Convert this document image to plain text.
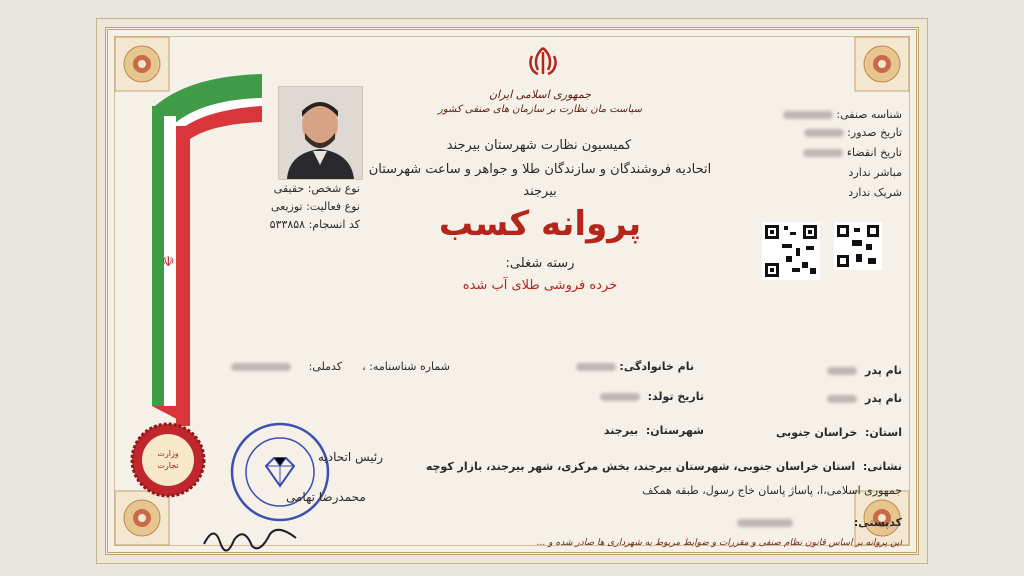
☫
وزارت
تجارت
جمهوری اسلامی ایران
سیاست مان نظارت بر سازمان های صنفی کشور
کمیسیون نظارت شهرستان بیرجند
اتحادیه فروشندگان و سازندگان طلا و جواهر و ساعت شهرستان
بیرجند
پروانه کسب
رسته شغلی:
خرده فروشی طلای آب شده
نوع شخص: حقیقی
نوع فعالیت: توزیعی
کد انسجام: ۵۳۳۸۵۸
شناسه صنفی:
تاریخ صدور:
تاریخ انقضاء
مباشر ندارد
شریک ندارد
نام پدر
نام خانوادگی:
شماره شناسنامه: ،
کدملی:
نام پدر
تاریخ تولد:
استان:  خراسان جنوبی
شهرستان:  بیرجند
نشانی:  استان خراسان جنوبی، شهرستان بیرجند، بخش مرکزی، شهر بیرجند، بازار کوچه
جمهوری اسلامی،ا، پاساژ پاسان خاج رسول، طبقه همکف
کدپستی:
این پروانه بر اساس قانون نظام صنفی و مقررات و ضوابط مربوط به شهرداری ها صادر شده و ...
رئیس اتحادیه
محمدرضا تهامی
